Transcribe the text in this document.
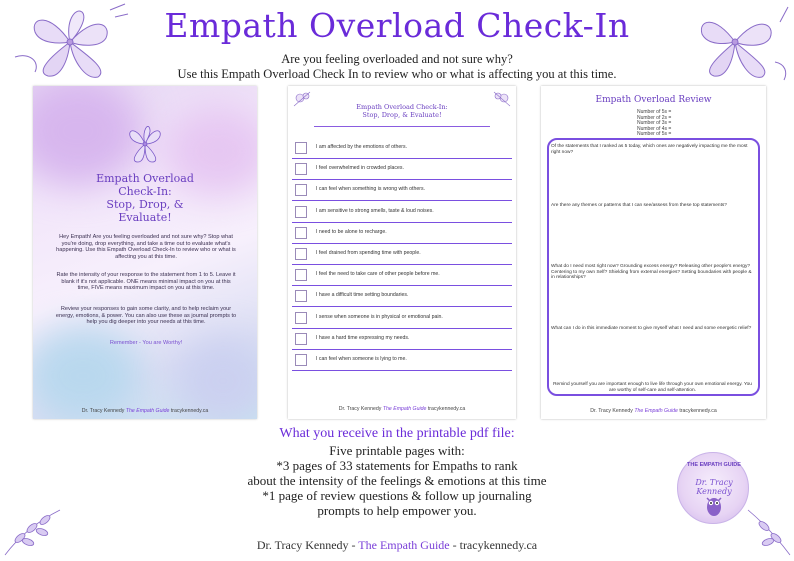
Empath Overload Check-In
Are you feeling overloaded and not sure why?
Use this Empath Overload Check In to review who or what is affecting you at this time.
Empath Overload
Check-In:
Stop, Drop, &
Evaluate!
Hey Empath! Are you feeling overloaded and not sure why? Stop what you're doing, drop everything, and take a time out to evaluate what's happening. Use this Empath Overload Check-In to review who or what is affecting you at this time.
Rate the intensity of your response to the statement from 1 to 5. Leave it blank if it's not applicable. ONE means minimal impact on you at this time, FIVE means maximum impact on you at this time.
Review your responses to gain some clarity, and to help reclaim your energy, emotions, & power. You can also use these as journal prompts to help you dig deeper into your needs at this time.
Remember - You are Worthy!
Dr. Tracy Kennedy The Empath Guide tracykennedy.ca
Empath Overload Check-In:
Stop, Drop, & Evaluate!
I am affected by the emotions of others.
I feel overwhelmed in crowded places.
I can feel when something is wrong with others.
I am sensitive to strong smells, taste & loud noises.
I need to be alone to recharge.
I feel drained from spending time with people.
I feel the need to take care of other people before me.
I have a difficult time setting boundaries.
I sense when someone is in physical or emotional pain.
I have a hard time expressing my needs.
I can feel when someone is lying to me.
Dr. Tracy Kennedy The Empath Guide tracykennedy.ca
Empath Overload Review
Number of 5s =
Number of 2s =
Number of 3s =
Number of 4s =
Number of 5s =
Of the statements that I ranked as 5 today, which ones are negatively impacting me the most right now?
Are there any themes or patterns that I can see/assess from these top statements?
What do I need most right now? Grounding excess energy? Releasing other people's energy? Centering to my own Self? Shielding from external energies? Setting boundaries with people & in relationships?
What can I do in this immediate moment to give myself what I need and some energetic relief?
Remind yourself you are important enough to live life through your own emotional energy. You are worthy of self-care and self-attention.
Dr. Tracy Kennedy The Empath Guide tracykennedy.ca
What you receive in the printable pdf file:
Five printable pages with:
*3 pages of 33 statements for Empaths to rank
about the intensity of the feelings & emotions at this time
*1 page of review questions & follow up journaling
prompts to help empower you.
THE EMPATH GUIDE
Dr. Tracy Kennedy
Dr. Tracy Kennedy - The Empath Guide - tracykennedy.ca
